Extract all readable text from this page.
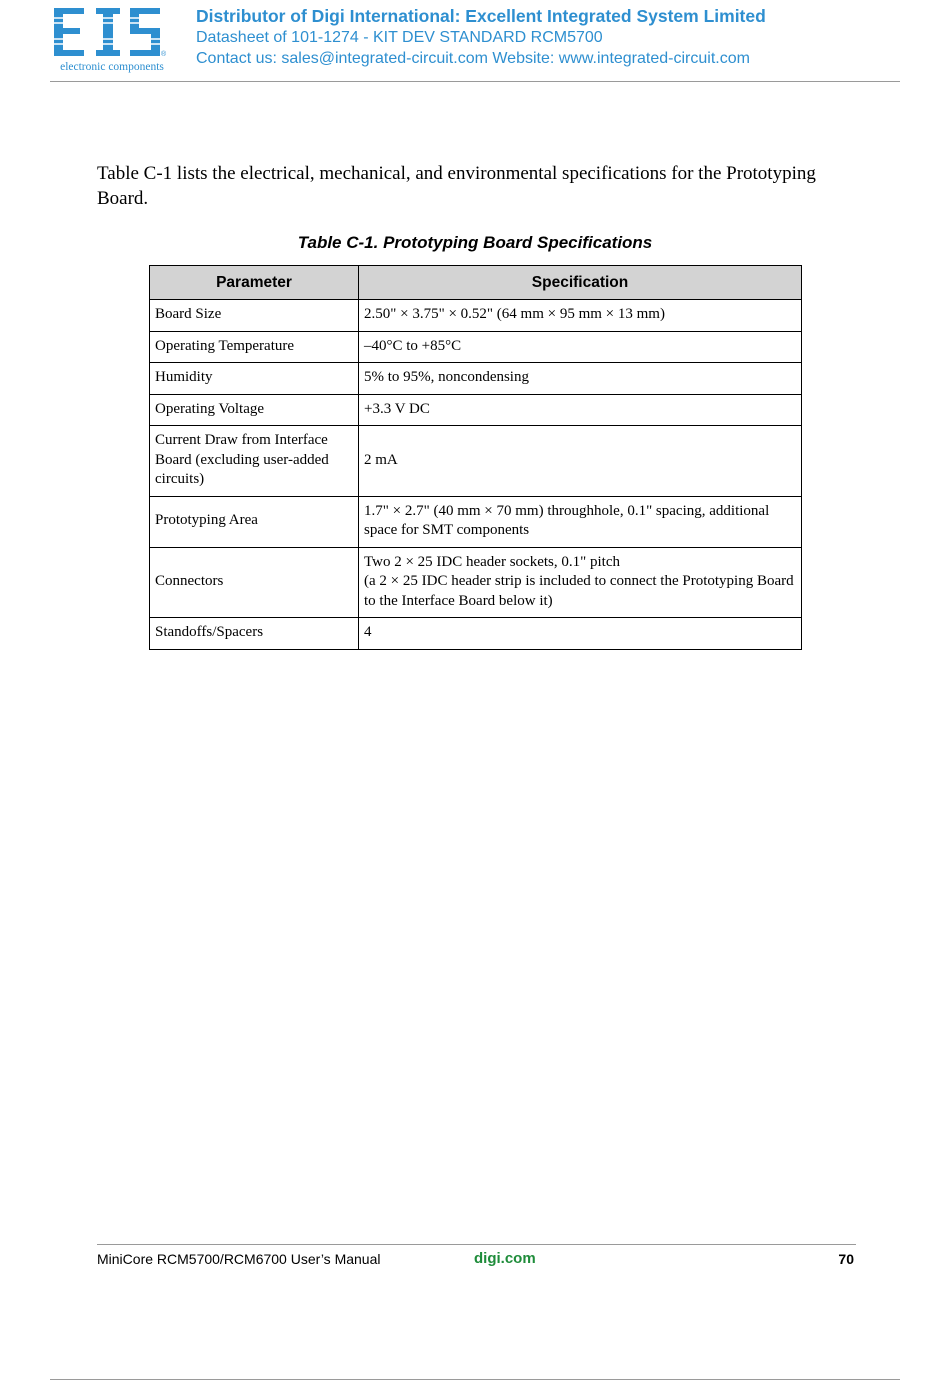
®
electronic components
Distributor of Digi International: Excellent Integrated System Limited
Datasheet of 101-1274 - KIT DEV STANDARD RCM5700
Contact us: sales@integrated-circuit.com Website: www.integrated-circuit.com
Table C-1 lists the electrical, mechanical, and environmental specifications for the Prototyping Board.
Table C-1. Prototyping Board Specifications
Parameter	Specification
Board Size	2.50" × 3.75" × 0.52" (64 mm × 95 mm × 13 mm)
Operating Temperature	–40°C to +85°C
Humidity	5% to 95%, noncondensing
Operating Voltage	+3.3 V DC
Current Draw from Interface Board (excluding user-added circuits)	2 mA
Prototyping Area	1.7" × 2.7" (40 mm × 70 mm) throughhole, 0.1" spacing, additional space for SMT components
Connectors	Two 2 × 25 IDC header sockets, 0.1" pitch
(a 2 × 25 IDC header strip is included to connect the Prototyping Board to the Interface Board below it)
Standoffs/Spacers	4
MiniCore RCM5700/RCM6700 User’s Manual	digi.com	70
